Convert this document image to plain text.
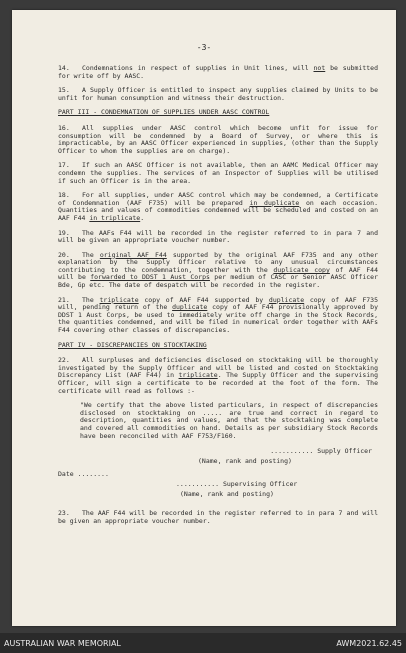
-3-

14. Condemnations in respect of supplies in Unit lines, will not be submitted for write off by AASC.

15. A Supply Officer is entitled to inspect any supplies claimed by Units to be unfit for human consumption and witness their destruction.

PART III - CONDEMNATION OF SUPPLIES UNDER AASC CONTROL

16. All supplies under AASC control which become unfit for issue for consumption will be condemned by a Board of Survey, or where this is impracticable, by an AASC Officer experienced in supplies, (other than the Supply Officer to whom the supplies are on charge).

17. If such an AASC Officer is not available, then an AAMC Medical Officer may condemn the supplies. The services of an Inspector of Supplies will be utilised if such an Officer is in the area.

18. For all supplies, under AASC control which may be condemned, a Certificate of Condemnation (AAF F735) will be prepared in duplicate on each occasion. Quantities and values of commodities condemned will be scheduled and costed on an AAF F44 in triplicate.

19. The AAFs F44 will be recorded in the register referred to in para 7 and will be given an appropriate voucher number.

20. The original AAF F44 supported by the original AAF F735 and any other explanation by the Supply Officer relative to any unusual circumstances contributing to the condemnation, together with the duplicate copy of AAF F44 will be forwarded to DDST 1 Aust Corps per medium of CASC or Senior AASC Officer Bde, Gp etc. The date of despatch will be recorded in the register.

21. The triplicate copy of AAF F44 supported by duplicate copy of AAF F735 will, pending return of the duplicate copy of AAF F44 provisionally approved by DDST 1 Aust Corps, be used to immediately write off charge in the Stock Records, the quantities condemned, and will be filed in numerical order together with AAFs F44 covering other classes of discrepancies.

PART IV - DISCREPANCIES ON STOCKTAKING

22. All surpluses and deficiencies disclosed on stocktaking will be thoroughly investigated by the Supply Officer and will be listed and costed on Stocktaking Discrepancy List (AAF F44) in triplicate. The Supply Officer and the supervising Officer, will sign a certificate to be recorded at the foot of the form. The certificate will read as follows :-

"We certify that the above listed particulars, in respect of discrepancies disclosed on stocktaking on ..... are true and correct in regard to description, quantities and values, and that the stocktaking was complete and covered all commodities on hand. Details as per subsidiary Stock Records have been reconciled with AAF F753/F160.

........... Supply Officer
(Name, rank and posting)
Date ........
........... Supervising Officer
(Name, rank and posting)

23. The AAF F44 will be recorded in the register referred to in para 7 and will be given an appropriate voucher number.

AUSTRALIAN WAR MEMORIAL	AWM2021.62.45
